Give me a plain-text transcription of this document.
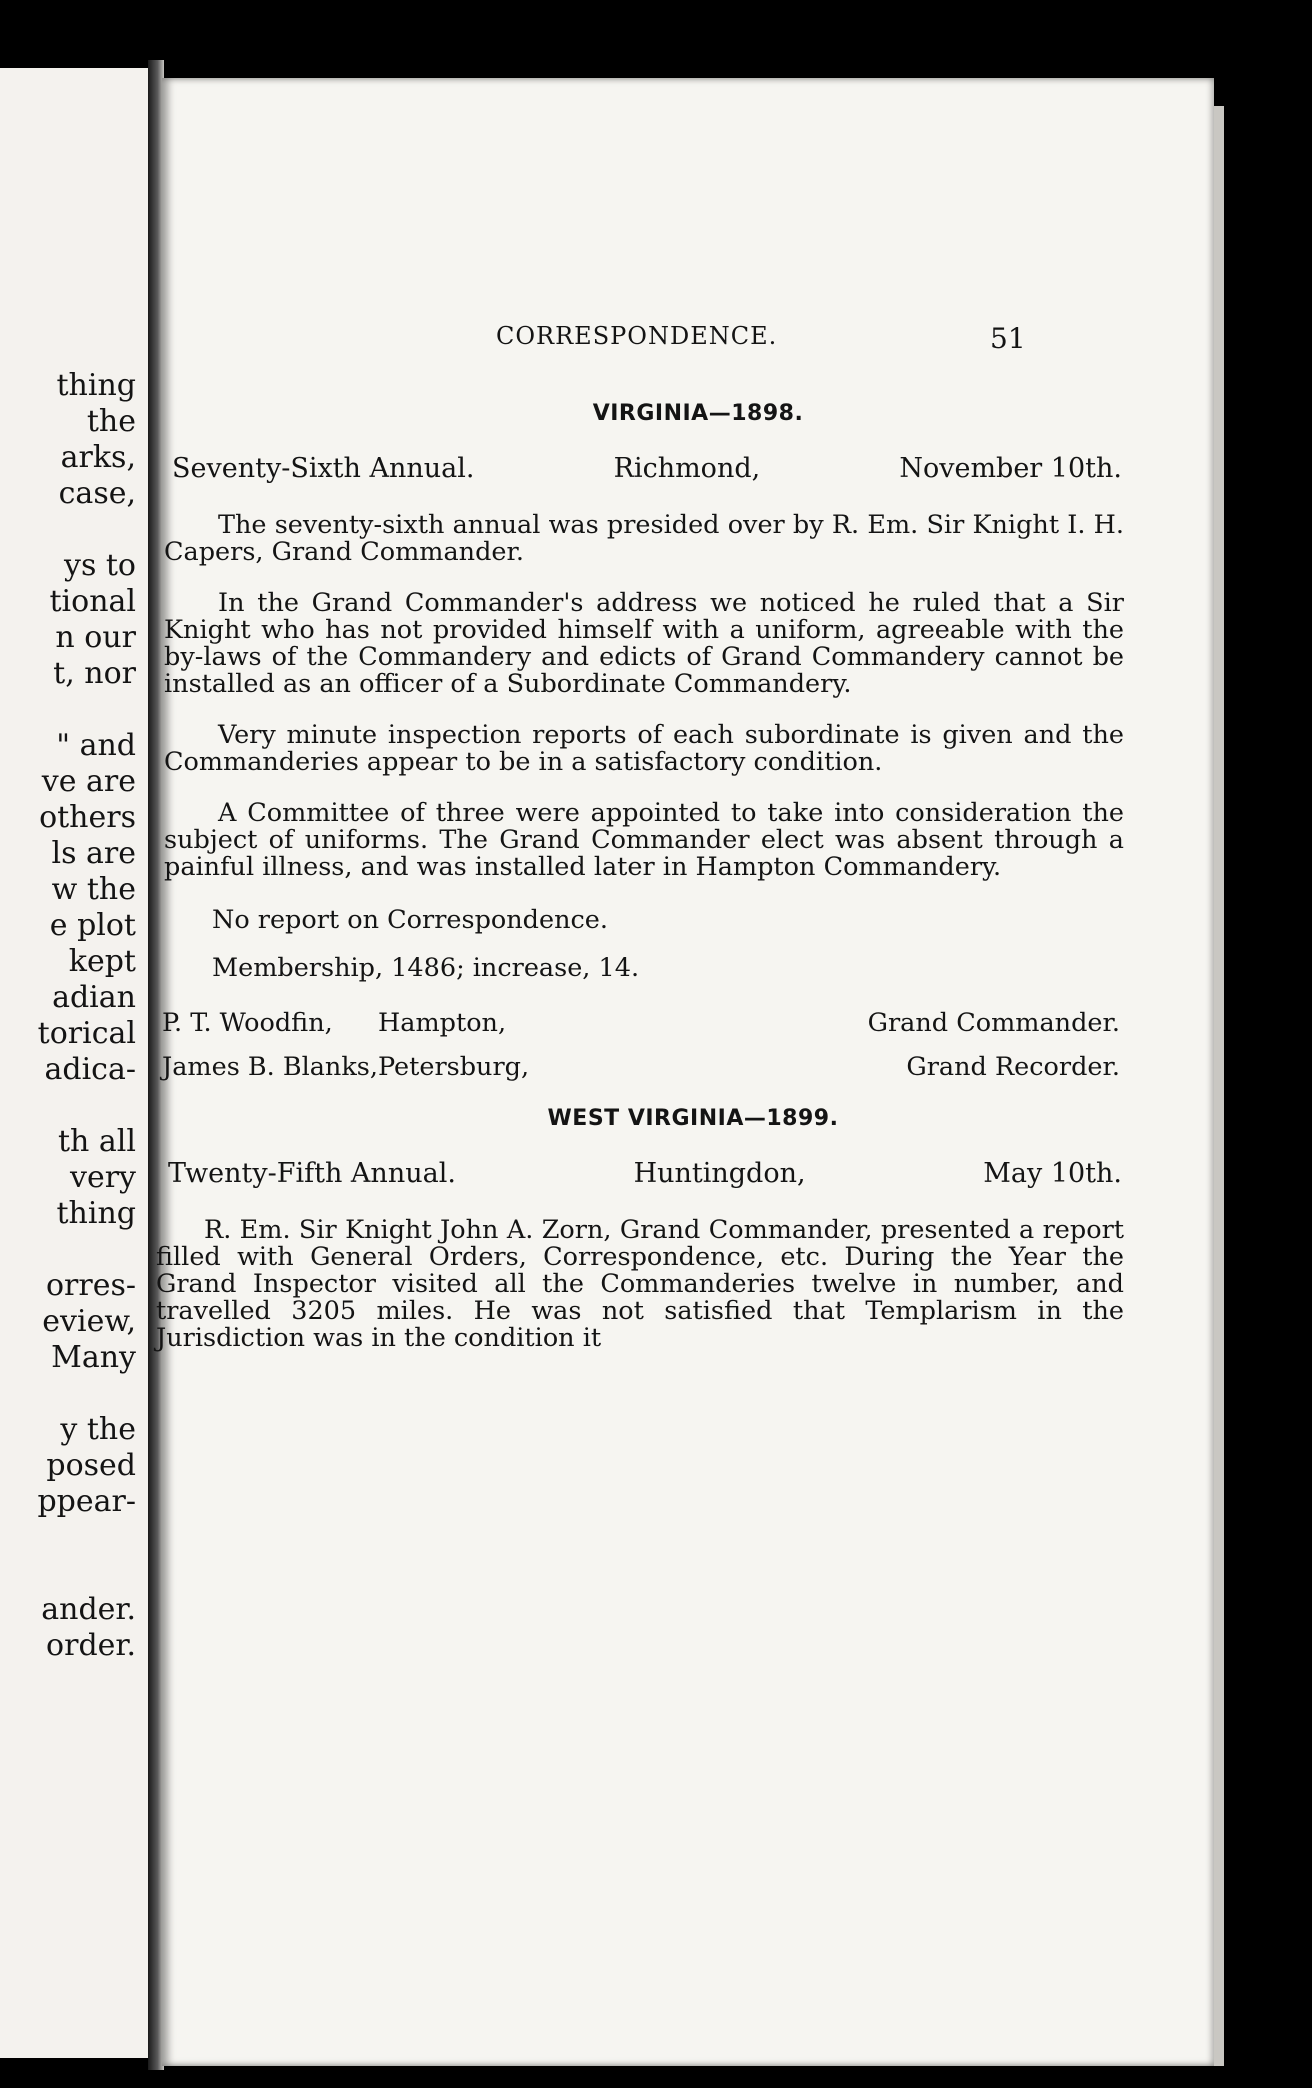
thing
the
arks,
case,
ys to
tional
n our
t, nor
" and
ve are
others
ls are
w the
e plot
kept
adian
torical
adica-
th all
very
thing
orres-
eview,
Many
y the
posed
ppear-
ander.
order.
CORRESPONDENCE.	51
VIRGINIA—1898.
Seventy-Sixth Annual.	Richmond,	November 10th.

The seventy-sixth annual was presided over by R. Em. Sir Knight I. H. Capers, Grand Commander.

In the Grand Commander's address we noticed he ruled that a Sir Knight who has not provided himself with a uniform, agreeable with the by-laws of the Commandery and edicts of Grand Commandery cannot be installed as an officer of a Subordinate Commandery.

Very minute inspection reports of each subordinate is given and the Commanderies appear to be in a satisfactory condition.

A Committee of three were appointed to take into consideration the subject of uniforms. The Grand Commander elect was absent through a painful illness, and was installed later in Hampton Commandery.

No report on Correspondence.
Membership, 1486; increase, 14.
P. T. Woodfin,	Hampton,	Grand Commander.
James B. Blanks, Petersburg,	Grand Recorder.
WEST VIRGINIA—1899.
Twenty-Fifth Annual.	Huntingdon,	May 10th.

R. Em. Sir Knight John A. Zorn, Grand Commander, presented a report filled with General Orders, Correspondence, etc. During the Year the Grand Inspector visited all the Commanderies twelve in number, and travelled 3205 miles. He was not satisfied that Templarism in the Jurisdiction was in the condition it
